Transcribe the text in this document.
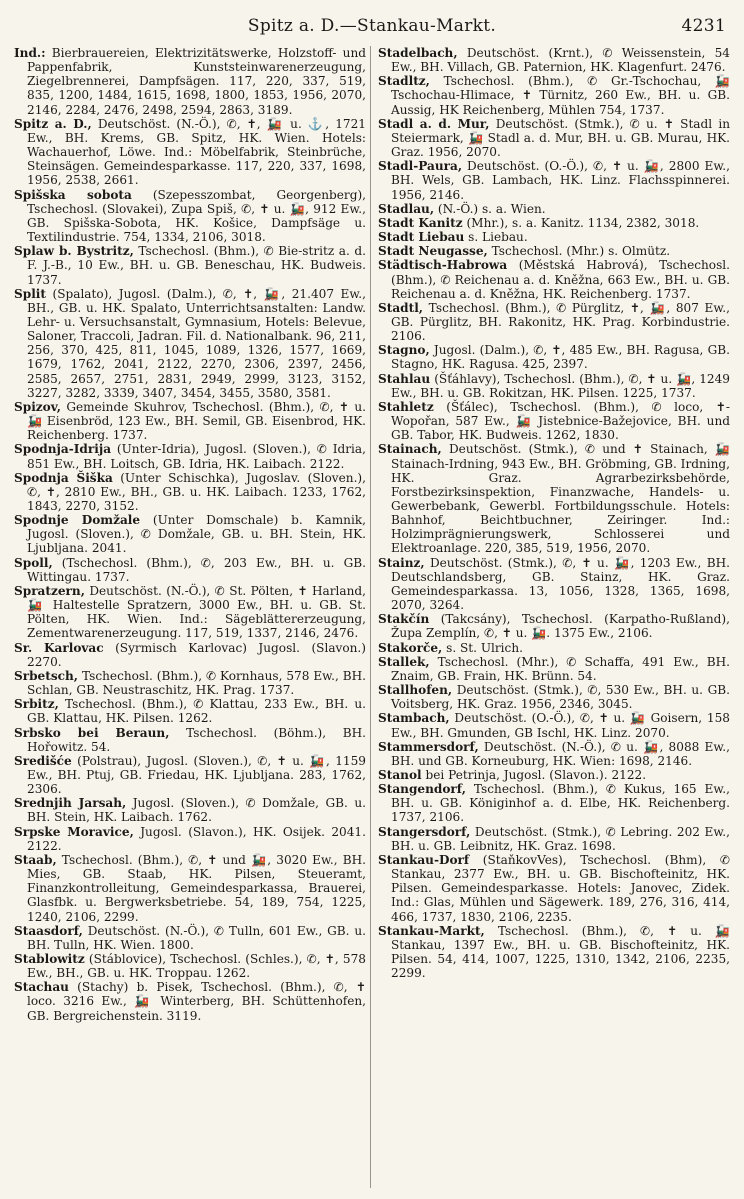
Spitz a. D.—Stankau-Markt.	4231

Ind.: Bierbrauereien, Elektrizitätswerke, Holzstoff- und Pappenfabrik, Kunststeinwarenerzeugung, Ziegelbrennerei, Dampfsägen. 117, 220, 337, 519, 835, 1200, 1484, 1615, 1698, 1800, 1853, 1956, 2070, 2146, 2284, 2476, 2498, 2594, 2863, 3189.

Spitz a. D., Deutschöst. (N.-Ö.), ✆, ✝, 🚂 u. ⚓, 1721 Ew., BH. Krems, GB. Spitz, HK. Wien. Hotels: Wachauerhof, Löwe. Ind.: Möbelfabrik, Steinbrüche, Steinsägen. Gemeindesparkasse. 117, 220, 337, 1698, 1956, 2538, 2661.

Spišska sobota (Szepesszombat, Georgenberg), Tschechosl. (Slovakei), Zupa Spiš, ✆, ✝ u. 🚂, 912 Ew., GB. Spišska-Sobota, HK. Košice, Dampfsäge u. Textilindustrie. 754, 1334, 2106, 3018.

Splaw b. Bystritz, Tschechosl. (Bhm.), ✆ Bie-stritz a. d. F. J.-B., 10 Ew., BH. u. GB. Beneschau, HK. Budweis. 1737.

Split (Spalato), Jugosl. (Dalm.), ✆, ✝, 🚂, 21.407 Ew., BH., GB. u. HK. Spalato, Unterrichtsanstalten: Landw. Lehr- u. Versuchsanstalt, Gymnasium, Hotels: Belevue, Saloner, Traccoli, Jadran. Fil. d. Nationalbank. 96, 211, 256, 370, 425, 811, 1045, 1089, 1326, 1577, 1669, 1679, 1762, 2041, 2122, 2270, 2306, 2397, 2456, 2585, 2657, 2751, 2831, 2949, 2999, 3123, 3152, 3227, 3282, 3339, 3407, 3454, 3455, 3580, 3581.

Spizov, Gemeinde Skuhrov, Tschechosl. (Bhm.), ✆, ✝ u. 🚂 Eisenbröd, 123 Ew., BH. Semil, GB. Eisenbrod, HK. Reichenberg. 1737.

Spodnja-Idrija (Unter-Idria), Jugosl. (Sloven.), ✆ Idria, 851 Ew., BH. Loitsch, GB. Idria, HK. Laibach. 2122.

Spodnja Šiška (Unter Schischka), Jugoslav. (Sloven.), ✆, ✝, 2810 Ew., BH., GB. u. HK. Laibach. 1233, 1762, 1843, 2270, 3152.

Spodnje Domžale (Unter Domschale) b. Kamnik, Jugosl. (Sloven.), ✆ Domžale, GB. u. BH. Stein, HK. Ljubljana. 2041.

Spoll, (Tschechosl. (Bhm.), ✆, 203 Ew., BH. u. GB. Wittingau. 1737.

Spratzern, Deutschöst. (N.-Ö.), ✆ St. Pölten, ✝ Harland, 🚂 Haltestelle Spratzern, 3000 Ew., BH. u. GB. St. Pölten, HK. Wien. Ind.: Sägeblättererzeugung, Zementwarenerzeugung. 117, 519, 1337, 2146, 2476.

Sr. Karlovac (Syrmisch Karlovac) Jugosl. (Slavon.) 2270.

Srbetsch, Tschechosl. (Bhm.), ✆ Kornhaus, 578 Ew., BH. Schlan, GB. Neustraschitz, HK. Prag. 1737.

Srbitz, Tschechosl. (Bhm.), ✆ Klattau, 233 Ew., BH. u. GB. Klattau, HK. Pilsen. 1262.

Srbsko bei Beraun, Tschechosl. (Böhm.), BH. Hořowitz. 54.

Središće (Polstrau), Jugosl. (Sloven.), ✆, ✝ u. 🚂, 1159 Ew., BH. Ptuj, GB. Friedau, HK. Ljubljana. 283, 1762, 2306.

Srednjih Jarsah, Jugosl. (Sloven.), ✆ Domžale, GB. u. BH. Stein, HK. Laibach. 1762.

Srpske Moravice, Jugosl. (Slavon.), HK. Osijek. 2041. 2122.

Staab, Tschechosl. (Bhm.), ✆, ✝ und 🚂, 3020 Ew., BH. Mies, GB. Staab, HK. Pilsen, Steueramt, Finanzkontrolleitung, Gemeindesparkassa, Brauerei, Glasfbk. u. Bergwerksbetriebe. 54, 189, 754, 1225, 1240, 2106, 2299.

Staasdorf, Deutschöst. (N.-Ö.), ✆ Tulln, 601 Ew., GB. u. BH. Tulln, HK. Wien. 1800.

Stablowitz (Stáblovice), Tschechosl. (Schles.), ✆, ✝, 578 Ew., BH., GB. u. HK. Troppau. 1262.

Stachau (Stachy) b. Pisek, Tschechosl. (Bhm.), ✆, ✝ loco. 3216 Ew., 🚂 Winterberg, BH. Schüttenhofen, GB. Bergreichenstein. 3119.

Stadelbach, Deutschöst. (Krnt.), ✆ Weissenstein, 54 Ew., BH. Villach, GB. Paternion, HK. Klagenfurt. 2476.

Stadltz, Tschechosl. (Bhm.), ✆ Gr.-Tschochau, 🚂 Tschochau-Hlimace, ✝ Türnitz, 260 Ew., BH. u. GB. Aussig, HK Reichenberg, Mühlen 754, 1737.

Stadl a. d. Mur, Deutschöst. (Stmk.), ✆ u. ✝ Stadl in Steiermark, 🚂 Stadl a. d. Mur, BH. u. GB. Murau, HK. Graz. 1956, 2070.

Stadl-Paura, Deutschöst. (O.-Ö.), ✆, ✝ u. 🚂, 2800 Ew., BH. Wels, GB. Lambach, HK. Linz. Flachsspinnerei. 1956, 2146.

Stadlau, (N.-Ö.) s. a. Wien.

Stadt Kanitz (Mhr.), s. a. Kanitz. 1134, 2382, 3018.

Stadt Liebau s. Liebau.

Stadt Neugasse, Tschechosl. (Mhr.) s. Olmütz.

Städtisch-Habrowa (Městská Habrová), Tschechosl. (Bhm.), ✆ Reichenau a. d. Kněžna, 663 Ew., BH. u. GB. Reichenau a. d. Kněžna, HK. Reichenberg. 1737.

Stadtl, Tschechosl. (Bhm.), ✆ Pürglitz, ✝, 🚂, 807 Ew., GB. Pürglitz, BH. Rakonitz, HK. Prag. Korbindustrie. 2106.

Stagno, Jugosl. (Dalm.), ✆, ✝, 485 Ew., BH. Ragusa, GB. Stagno, HK. Ragusa. 425, 2397.

Stahlau (Šťáhlavy), Tschechosl. (Bhm.), ✆, ✝ u. 🚂, 1249 Ew., BH. u. GB. Rokitzan, HK. Pilsen. 1225, 1737.

Stahletz (Šťálec), Tschechosl. (Bhm.), ✆ loco, ✝-Wopořan, 587 Ew., 🚂 Jistebnice-Bažejovice, BH. und GB. Tabor, HK. Budweis. 1262, 1830.

Stainach, Deutschöst. (Stmk.), ✆ und ✝ Stainach, 🚂 Stainach-Irdning, 943 Ew., BH. Gröbming, GB. Irdning, HK. Graz. Agrarbezirksbehörde, Forstbezirksinspektion, Finanzwache, Handels- u. Gewerbebank, Gewerbl. Fortbildungsschule. Hotels: Bahnhof, Beichtbuchner, Zeiringer. Ind.: Holzimprägnierungswerk, Schlosserei und Elektroanlage. 220, 385, 519, 1956, 2070.

Stainz, Deutschöst. (Stmk.), ✆, ✝ u. 🚂, 1203 Ew., BH. Deutschlandsberg, GB. Stainz, HK. Graz. Gemeindesparkassa. 13, 1056, 1328, 1365, 1698, 2070, 3264.

Stakčín (Takcsány), Tschechosl. (Karpatho-Rußland), Župa Zemplín, ✆, ✝ u. 🚂. 1375 Ew., 2106.

Stakorče, s. St. Ulrich.

Stallek, Tschechosl. (Mhr.), ✆ Schaffa, 491 Ew., BH. Znaim, GB. Frain, HK. Brünn. 54.

Stallhofen, Deutschöst. (Stmk.), ✆, 530 Ew., BH. u. GB. Voitsberg, HK. Graz. 1956, 2346, 3045.

Stambach, Deutschöst. (O.-Ö.), ✆, ✝ u. 🚂 Goisern, 158 Ew., BH. Gmunden, GB Ischl, HK. Linz. 2070.

Stammersdorf, Deutschöst. (N.-Ö.), ✆ u. 🚂, 8088 Ew., BH. und GB. Korneuburg, HK. Wien: 1698, 2146.

Stanol bei Petrinja, Jugosl. (Slavon.). 2122.

Stangendorf, Tschechosl. (Bhm.), ✆ Kukus, 165 Ew., BH. u. GB. Königinhof a. d. Elbe, HK. Reichenberg. 1737, 2106.

Stangersdorf, Deutschöst. (Stmk.), ✆ Lebring. 202 Ew., BH. u. GB. Leibnitz, HK. Graz. 1698.

Stankau-Dorf (StaňkovVes), Tschechosl. (Bhm), ✆ Stankau, 2377 Ew., BH. u. GB. Bischofteinitz, HK. Pilsen. Gemeindesparkasse. Hotels: Janovec, Zidek. Ind.: Glas, Mühlen und Sägewerk. 189, 276, 316, 414, 466, 1737, 1830, 2106, 2235.

Stankau-Markt, Tschechosl. (Bhm.), ✆, ✝ u. 🚂 Stankau, 1397 Ew., BH. u. GB. Bischofteinitz, HK. Pilsen. 54, 414, 1007, 1225, 1310, 1342, 2106, 2235, 2299.
